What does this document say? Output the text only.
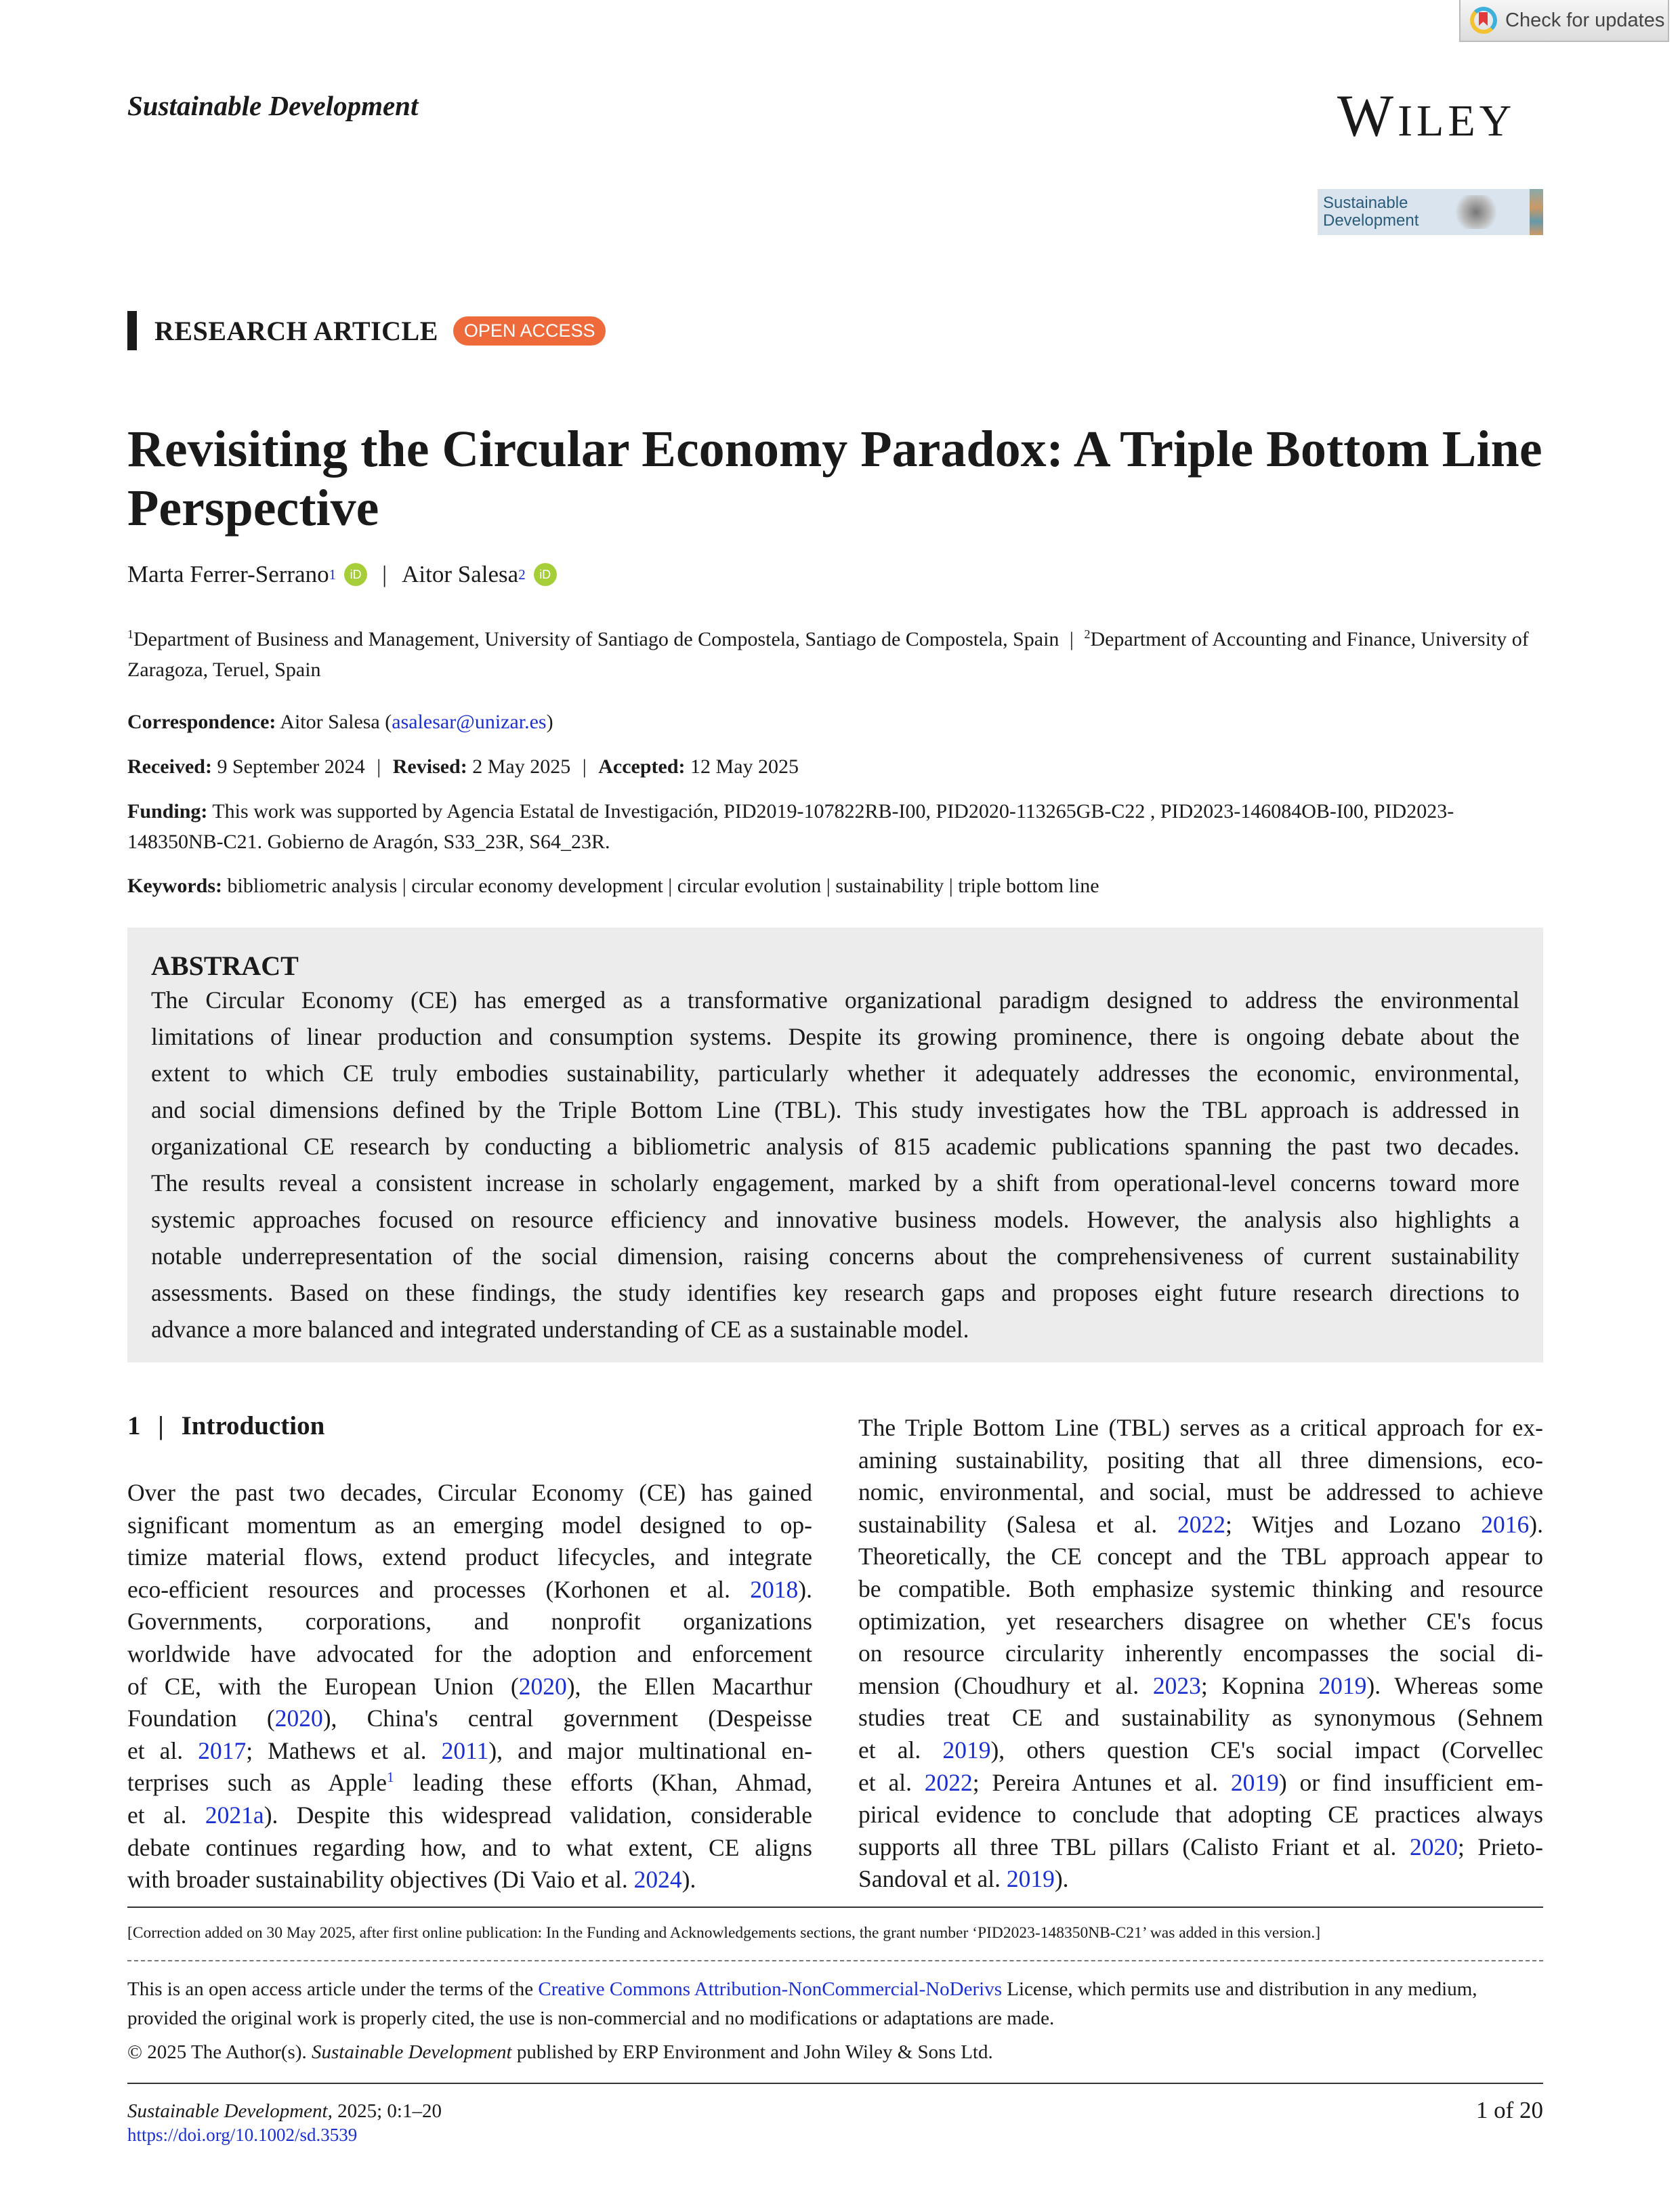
Check for updates
Sustainable Development	WILEY
Sustainable
Development
RESEARCH ARTICLE	OPEN ACCESS
Revisiting the Circular Economy Paradox: A Triple Bottom Line Perspective
Marta Ferrer-Serrano 1	iD | Aitor Salesa 2	iD
$^1$Department of Business and Management, University of Santiago de Compostela, Santiago de Compostela, Spain | $^2$Department of Accounting and Finance, University of Zaragoza, Teruel, Spain
Correspondence: Aitor Salesa (asalesar@unizar.es)
Received: 9 September 2024 | Revised: 2 May 2025 | Accepted: 12 May 2025
Funding: This work was supported by Agencia Estatal de Investigación, PID2019-107822RB-I00, PID2020-113265GB-C22 , PID2023-146084OB-I00, PID2023-148350NB-C21. Gobierno de Aragón, S33_23R, S64_23R.
Keywords: bibliometric analysis | circular economy development | circular evolution | sustainability | triple bottom line
ABSTRACT
The Circular Economy (CE) has emerged as a transformative organizational paradigm designed to address the environmental
limitations of linear production and consumption systems. Despite its growing prominence, there is ongoing debate about the
extent to which CE truly embodies sustainability, particularly whether it adequately addresses the economic, environmental,
and social dimensions defined by the Triple Bottom Line (TBL). This study investigates how the TBL approach is addressed in
organizational CE research by conducting a bibliometric analysis of 815 academic publications spanning the past two decades.
The results reveal a consistent increase in scholarly engagement, marked by a shift from operational-level concerns toward more
systemic approaches focused on resource efficiency and innovative business models. However, the analysis also highlights a
notable underrepresentation of the social dimension, raising concerns about the comprehensiveness of current sustainability
assessments. Based on these findings, the study identifies key research gaps and proposes eight future research directions to
advance a more balanced and integrated understanding of CE as a sustainable model.
1 | Introduction
Over the past two decades, Circular Economy (CE) has gained
significant momentum as an emerging model designed to op-
timize material flows, extend product lifecycles, and integrate
eco-efficient resources and processes (Korhonen et al. 2018).
Governments, corporations, and nonprofit organizations
worldwide have advocated for the adoption and enforcement
of CE, with the European Union (2020), the Ellen Macarthur
Foundation (2020), China's central government (Despeisse
et al. 2017; Mathews et al. 2011), and major multinational en-
terprises such as Apple$^1$ leading these efforts (Khan, Ahmad,
et al. 2021a). Despite this widespread validation, considerable
debate continues regarding how, and to what extent, CE aligns
with broader sustainability objectives (Di Vaio et al. 2024).
The Triple Bottom Line (TBL) serves as a critical approach for ex-
amining sustainability, positing that all three dimensions, eco-
nomic, environmental, and social, must be addressed to achieve
sustainability (Salesa et al. 2022; Witjes and Lozano 2016).
Theoretically, the CE concept and the TBL approach appear to
be compatible. Both emphasize systemic thinking and resource
optimization, yet researchers disagree on whether CE's focus
on resource circularity inherently encompasses the social di-
mension (Choudhury et al. 2023; Kopnina 2019). Whereas some
studies treat CE and sustainability as synonymous (Sehnem
et al. 2019), others question CE's social impact (Corvellec
et al. 2022; Pereira Antunes et al. 2019) or find insufficient em-
pirical evidence to conclude that adopting CE practices always
supports all three TBL pillars (Calisto Friant et al. 2020; Prieto-
Sandoval et al. 2019).
[Correction added on 30 May 2025, after first online publication: In the Funding and Acknowledgements sections, the grant number ‘PID2023-148350NB-C21’ was added in this version.]
This is an open access article under the terms of the Creative Commons Attribution-NonCommercial-NoDerivs License, which permits use and distribution in any medium, provided the original work is properly cited, the use is non-commercial and no modifications or adaptations are made.
© 2025 The Author(s). Sustainable Development published by ERP Environment and John Wiley & Sons Ltd.
Sustainable Development, 2025; 0:1–20
https://doi.org/10.1002/sd.3539
1 of 20
